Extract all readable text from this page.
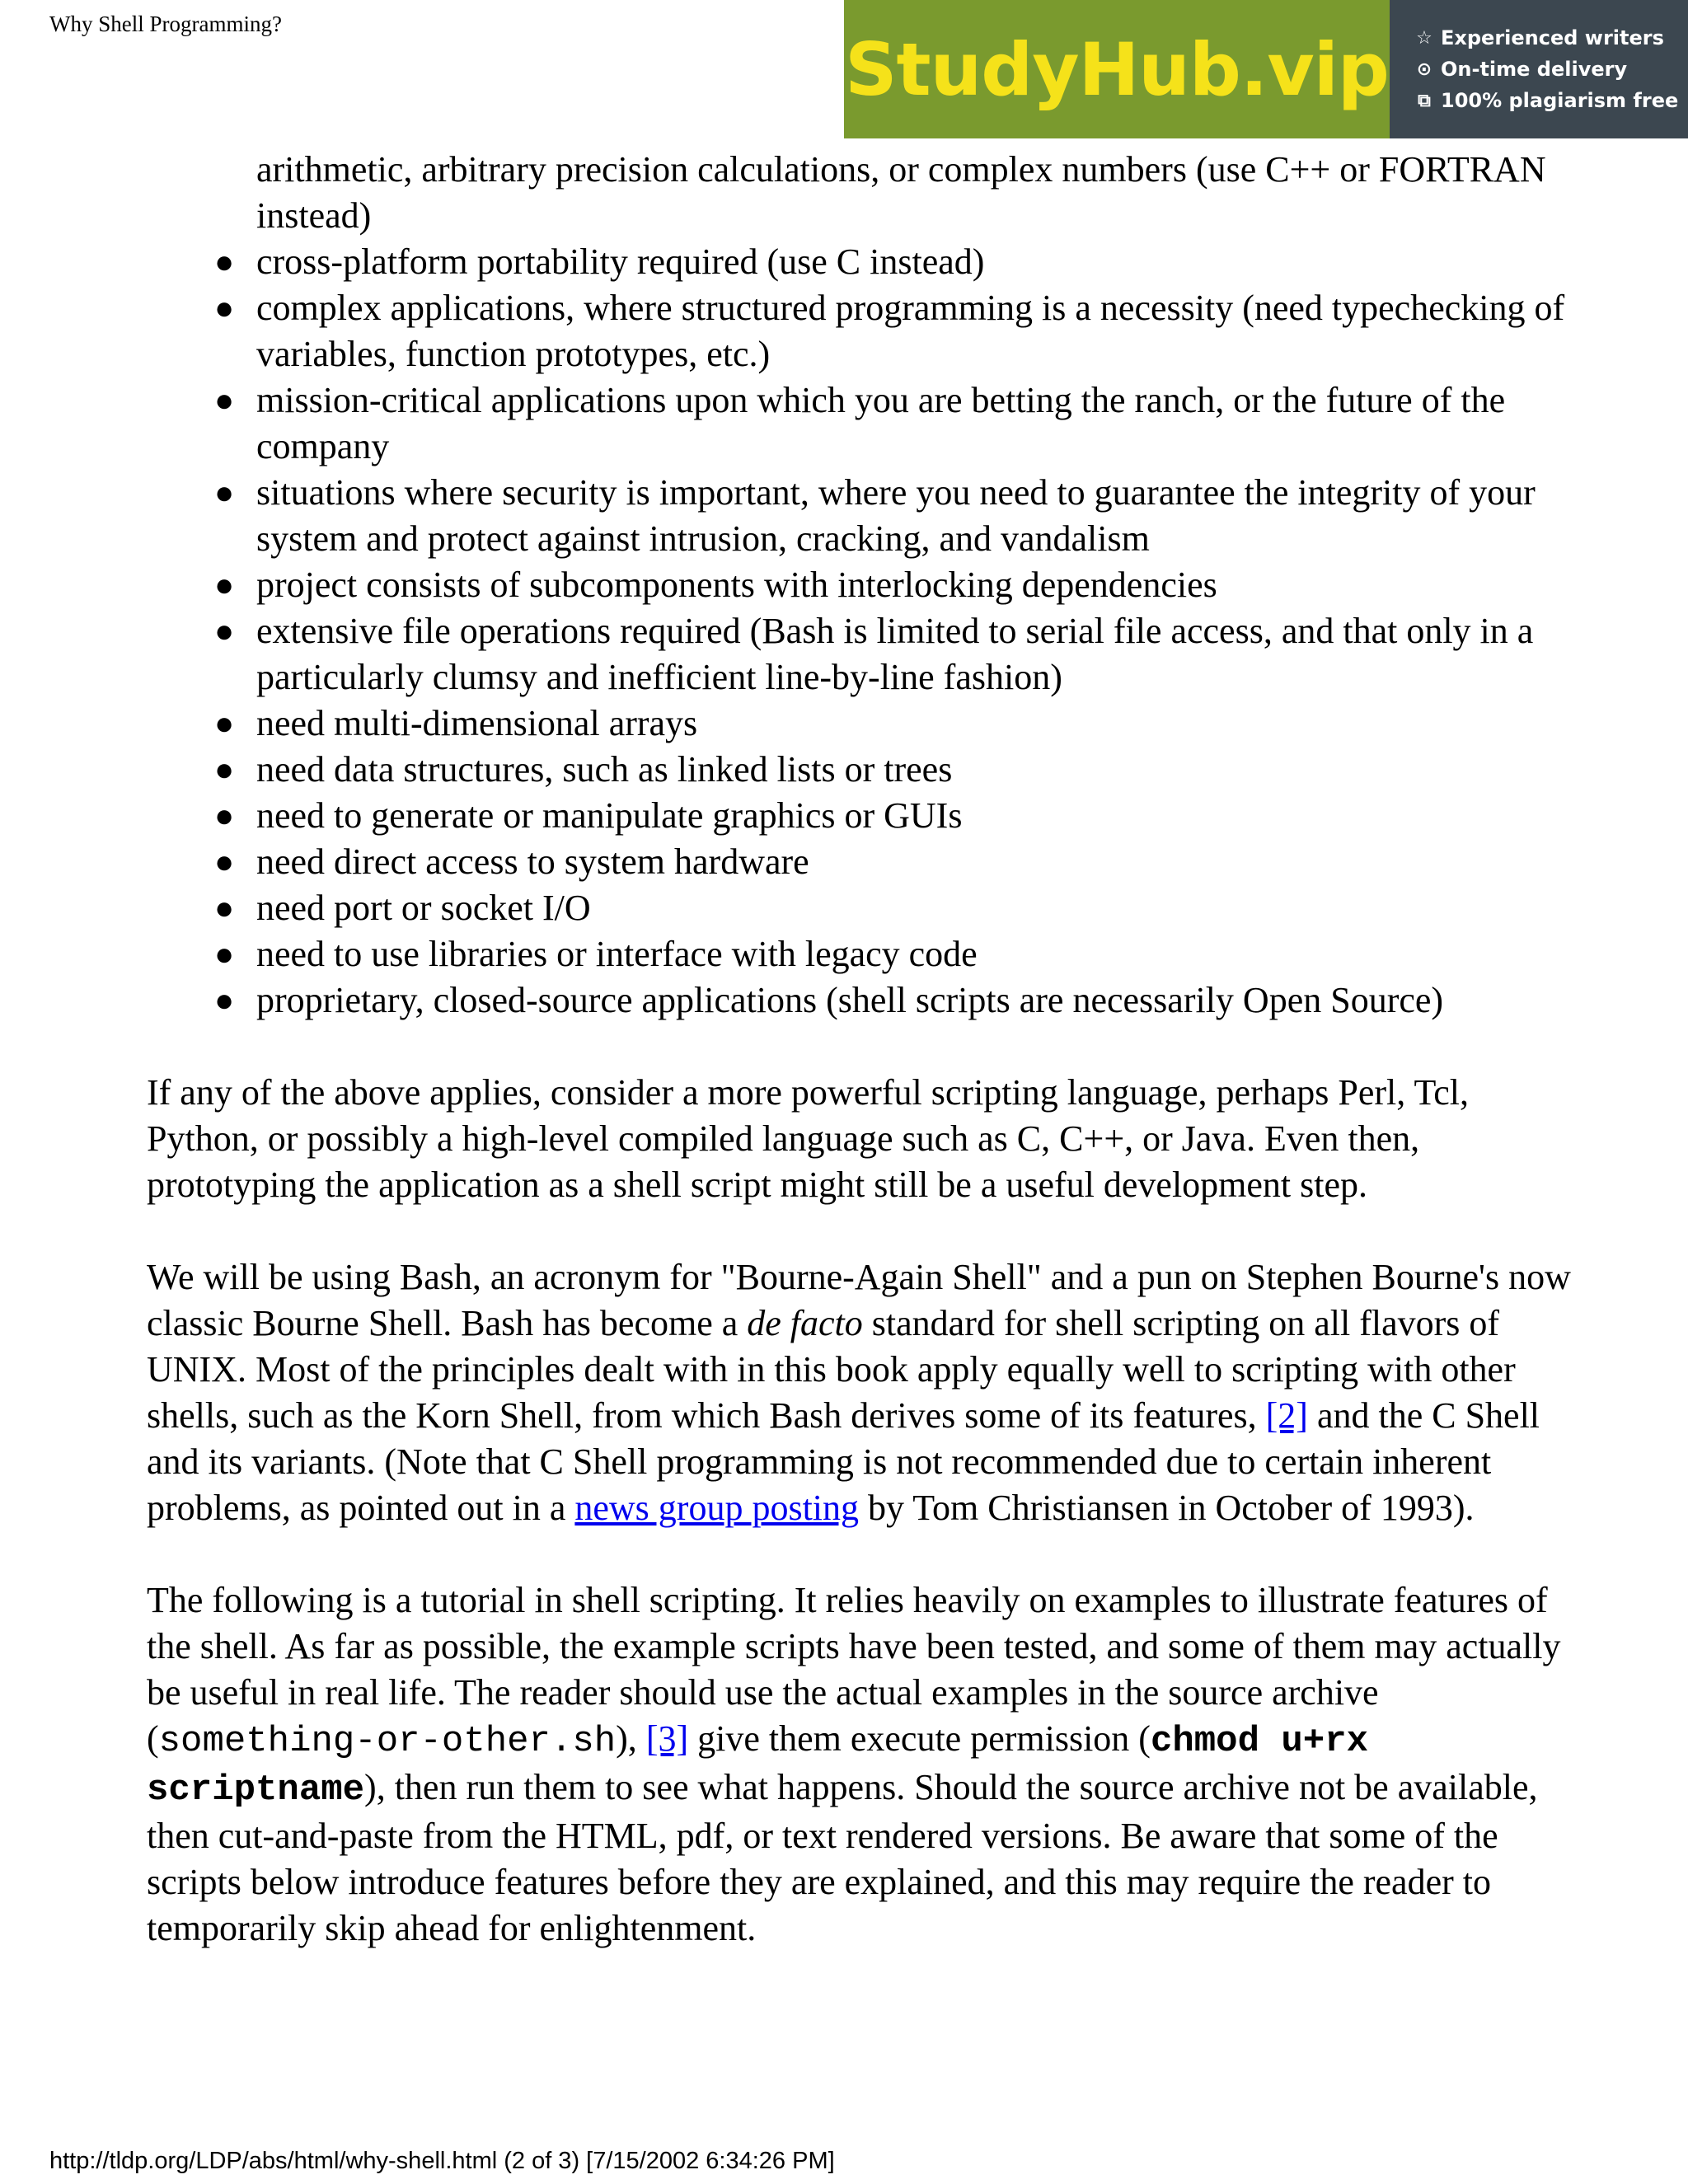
Why Shell Programming?
StudyHub.vip ☆ Experienced writers
⊙ On-time delivery
⧉ 100% plagiarism free
arithmetic, arbitrary precision calculations, or complex numbers (use C++ or FORTRAN instead)
● cross-platform portability required (use C instead)
● complex applications, where structured programming is a necessity (need typechecking of variables, function prototypes, etc.)
● mission-critical applications upon which you are betting the ranch, or the future of the company
● situations where security is important, where you need to guarantee the integrity of your system and protect against intrusion, cracking, and vandalism
● project consists of subcomponents with interlocking dependencies
● extensive file operations required (Bash is limited to serial file access, and that only in a particularly clumsy and inefficient line-by-line fashion)
● need multi-dimensional arrays
● need data structures, such as linked lists or trees
● need to generate or manipulate graphics or GUIs
● need direct access to system hardware
● need port or socket I/O
● need to use libraries or interface with legacy code
● proprietary, closed-source applications (shell scripts are necessarily Open Source)

If any of the above applies, consider a more powerful scripting language, perhaps Perl, Tcl, Python, or possibly a high-level compiled language such as C, C++, or Java. Even then, prototyping the application as a shell script might still be a useful development step.

We will be using Bash, an acronym for "Bourne-Again Shell" and a pun on Stephen Bourne's now classic Bourne Shell. Bash has become a de facto standard for shell scripting on all flavors of UNIX. Most of the principles dealt with in this book apply equally well to scripting with other shells, such as the Korn Shell, from which Bash derives some of its features, [2] and the C Shell and its variants. (Note that C Shell programming is not recommended due to certain inherent problems, as pointed out in a news group posting by Tom Christiansen in October of 1993).

The following is a tutorial in shell scripting. It relies heavily on examples to illustrate features of the shell. As far as possible, the example scripts have been tested, and some of them may actually be useful in real life. The reader should use the actual examples in the source archive (something-or-other.sh), [3] give them execute permission (chmod u+rx scriptname), then run them to see what happens. Should the source archive not be available, then cut-and-paste from the HTML, pdf, or text rendered versions. Be aware that some of the scripts below introduce features before they are explained, and this may require the reader to temporarily skip ahead for enlightenment.

http://tldp.org/LDP/abs/html/why-shell.html (2 of 3) [7/15/2002 6:34:26 PM]
